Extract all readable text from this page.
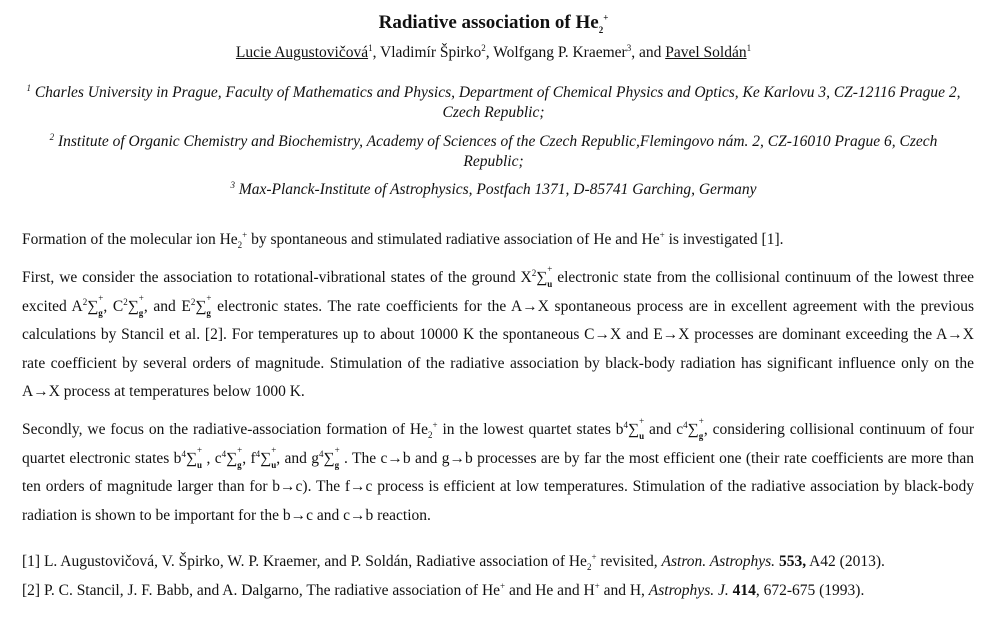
Radiative association of $He_2^+$
Lucie Augustovičová$^1$, Vladimír Špirko$^2$, Wolfgang P. Kraemer$^3$, and Pavel Soldán$^1$
$^1$ Charles University in Prague, Faculty of Mathematics and Physics, Department of Chemical Physics and Optics, Ke Karlovu 3, CZ-12116 Prague 2, Czech Republic;
$^2$ Institute of Organic Chemistry and Biochemistry, Academy of Sciences of the Czech Republic,Flemingovo nám. 2, CZ-16010 Prague 6, Czech Republic;
$^3$ Max-Planck-Institute of Astrophysics, Postfach 1371, D-85741 Garching, Germany
Formation of the molecular ion $He_2^+$ by spontaneous and stimulated radiative association of He and He+ is investigated [1].
First, we consider the association to rotational-vibrational states of the ground $X^2\sum$ +
u electronic state from the collisional continuum of the lowest three excited $A^2\sum$ +
g , $C^2\sum$ +
g , and $E^2\sum$ +
g electronic states. The rate coefficients for the A→X spontaneous process are in excellent agreement with the previous calculations by Stancil et al. [2]. For temperatures up to about 10000 K the spontaneous C→X and E→X processes are dominant exceeding the A→X rate coefficient by several orders of magnitude. Stimulation of the radiative association by black-body radiation has significant influence only on the A→X process at temperatures below 1000 K.
Secondly, we focus on the radiative-association formation of $He_2^+$ in the lowest quartet states $b^4\sum$ +
u and $c^4\sum$ +
g , considering collisional continuum of four quartet electronic states $b^4\sum$ +
u , $c^4\sum$ +
g , $f^4\sum$ +
u , and $g^4\sum$ +
g . The c→b and g→b processes are by far the most efficient one (their rate coefficients are more than ten orders of magnitude larger than for b→c). The f→c process is efficient at low temperatures. Stimulation of the radiative association by black-body radiation is shown to be important for the b→c and c→b reaction.
[1] L. Augustovičová, V. Špirko, W. P. Kraemer, and P. Soldán, Radiative association of $He_2^+$ revisited, Astron. Astrophys. 553, A42 (2013).
[2] P. C. Stancil, J. F. Babb, and A. Dalgarno, The radiative association of He+ and He and H+ and H, Astrophys. J. 414, 672-675 (1993).
